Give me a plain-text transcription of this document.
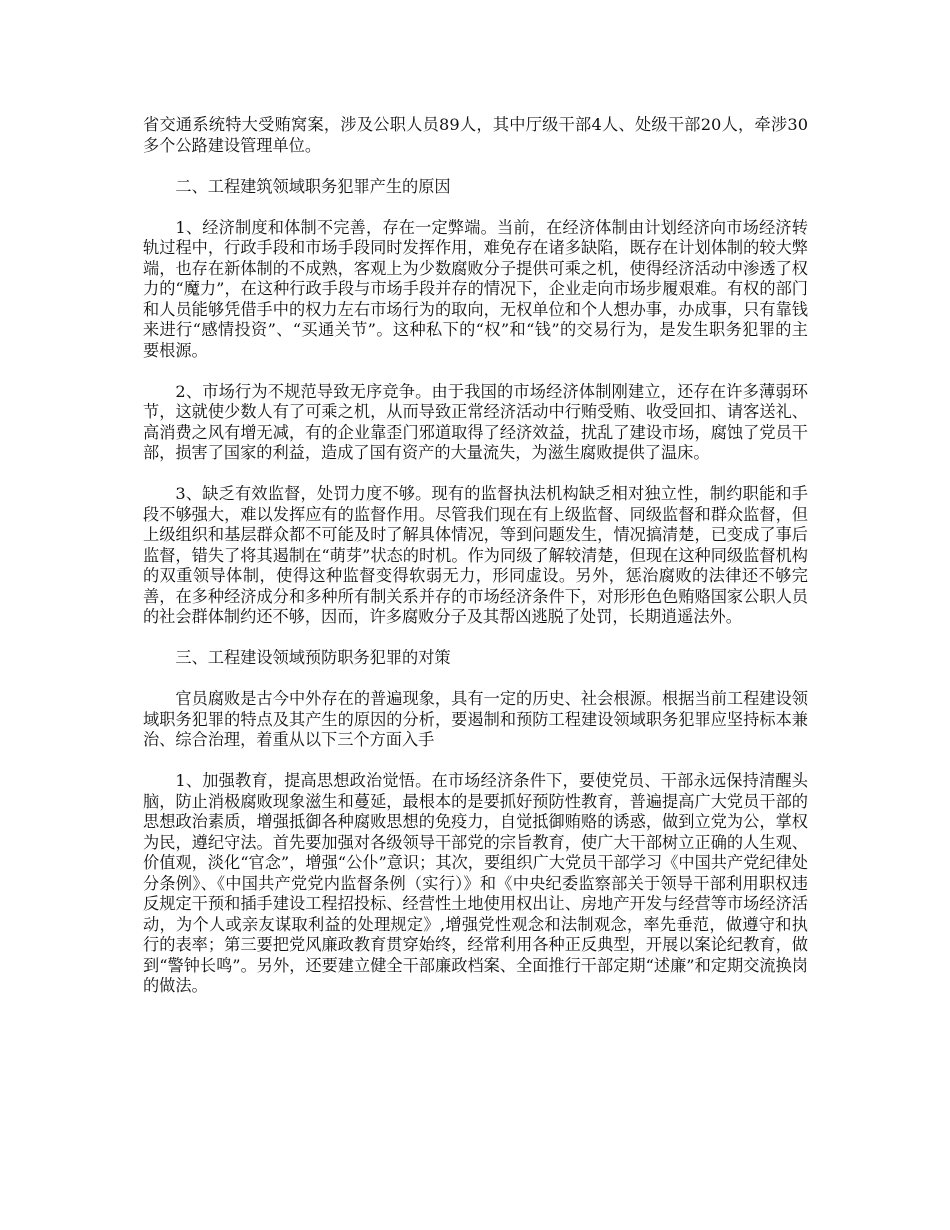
省交通系统特大受贿窝案，涉及公职人员89人，其中厅级干部4人、处级干部20人，牵涉30多个公路建设管理单位。

二、工程建筑领域职务犯罪产生的原因

1、经济制度和体制不完善，存在一定弊端。当前，在经济体制由计划经济向市场经济转轨过程中，行政手段和市场手段同时发挥作用，难免存在诸多缺陷，既存在计划体制的较大弊端，也存在新体制的不成熟，客观上为少数腐败分子提供可乘之机，使得经济活动中渗透了权力的“魔力”，在这种行政手段与市场手段并存的情况下，企业走向市场步履艰难。有权的部门和人员能够凭借手中的权力左右市场行为的取向，无权单位和个人想办事，办成事，只有靠钱来进行“感情投资”、“买通关节”。这种私下的“权”和“钱”的交易行为，是发生职务犯罪的主要根源。

2、市场行为不规范导致无序竞争。由于我国的市场经济体制刚建立，还存在许多薄弱环节，这就使少数人有了可乘之机，从而导致正常经济活动中行贿受贿、收受回扣、请客送礼、高消费之风有增无减，有的企业靠歪门邪道取得了经济效益，扰乱了建设市场，腐蚀了党员干部，损害了国家的利益，造成了国有资产的大量流失，为滋生腐败提供了温床。

3、缺乏有效监督，处罚力度不够。现有的监督执法机构缺乏相对独立性，制约职能和手段不够强大，难以发挥应有的监督作用。尽管我们现在有上级监督、同级监督和群众监督，但上级组织和基层群众都不可能及时了解具体情况，等到问题发生，情况搞清楚，已变成了事后监督，错失了将其遏制在“萌芽”状态的时机。作为同级了解较清楚，但现在这种同级监督机构的双重领导体制，使得这种监督变得软弱无力，形同虚设。另外，惩治腐败的法律还不够完善，在多种经济成分和多种所有制关系并存的市场经济条件下，对形形色色贿赂国家公职人员的社会群体制约还不够，因而，许多腐败分子及其帮凶逃脱了处罚，长期逍遥法外。

三、工程建设领域预防职务犯罪的对策

官员腐败是古今中外存在的普遍现象，具有一定的历史、社会根源。根据当前工程建设领域职务犯罪的特点及其产生的原因的分析，要遏制和预防工程建设领域职务犯罪应坚持标本兼治、综合治理，着重从以下三个方面入手

1、加强教育，提高思想政治觉悟。在市场经济条件下，要使党员、干部永远保持清醒头脑，防止消极腐败现象滋生和蔓延，最根本的是要抓好预防性教育，普遍提高广大党员干部的思想政治素质，增强抵御各种腐败思想的免疫力，自觉抵御贿赂的诱惑，做到立党为公，掌权为民，遵纪守法。首先要加强对各级领导干部党的宗旨教育，使广大干部树立正确的人生观、价值观，淡化“官念”，增强“公仆”意识；其次，要组织广大党员干部学习《中国共产党纪律处分条例》、《中国共产党党内监督条例（实行）》和《中央纪委监察部关于领导干部利用职权违反规定干预和插手建设工程招投标、经营性土地使用权出让、房地产开发与经营等市场经济活动，为个人或亲友谋取利益的处理规定》,增强党性观念和法制观念，率先垂范，做遵守和执行的表率；第三要把党风廉政教育贯穿始终，经常利用各种正反典型，开展以案论纪教育，做到“警钟长鸣”。另外，还要建立健全干部廉政档案、全面推行干部定期“述廉”和定期交流换岗的做法。
